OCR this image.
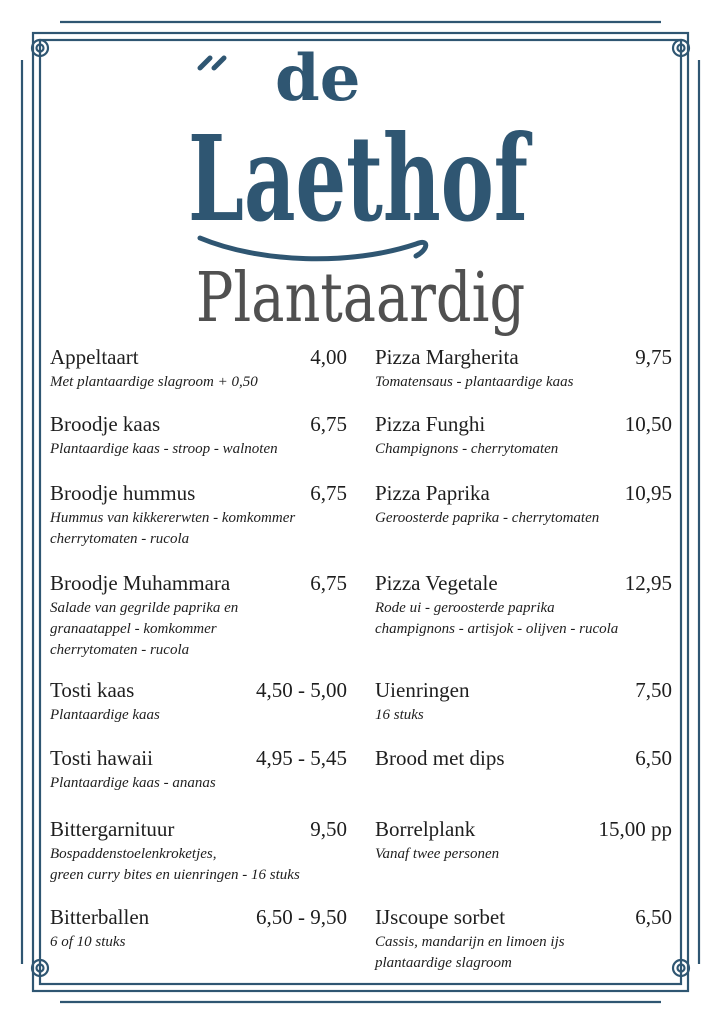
de
Laethof
Plantaardig
Appeltaart	4,00
Met plantaardige slagroom + 0,50
Broodje kaas	6,75
Plantaardige kaas - stroop - walnoten
Broodje hummus	6,75
Hummus van kikkererwten - komkommer
cherrytomaten - rucola
Broodje Muhammara	6,75
Salade van gegrilde paprika en
granaatappel - komkommer
cherrytomaten - rucola
Tosti kaas	4,50 - 5,00
Plantaardige kaas
Tosti hawaii	4,95 - 5,45
Plantaardige kaas - ananas
Bittergarnituur	9,50
Bospaddenstoelenkroketjes,
green curry bites en uienringen - 16 stuks
Bitterballen	6,50 - 9,50
6 of 10 stuks
Pizza Margherita	9,75
Tomatensaus - plantaardige kaas
Pizza Funghi	10,50
Champignons - cherrytomaten
Pizza Paprika	10,95
Geroosterde paprika - cherrytomaten
Pizza Vegetale	12,95
Rode ui - geroosterde paprika
champignons - artisjok - olijven - rucola
Uienringen	7,50
16 stuks
Brood met dips	6,50
Borrelplank	15,00 pp
Vanaf twee personen
IJscoupe sorbet	6,50
Cassis, mandarijn en limoen ijs
plantaardige slagroom
